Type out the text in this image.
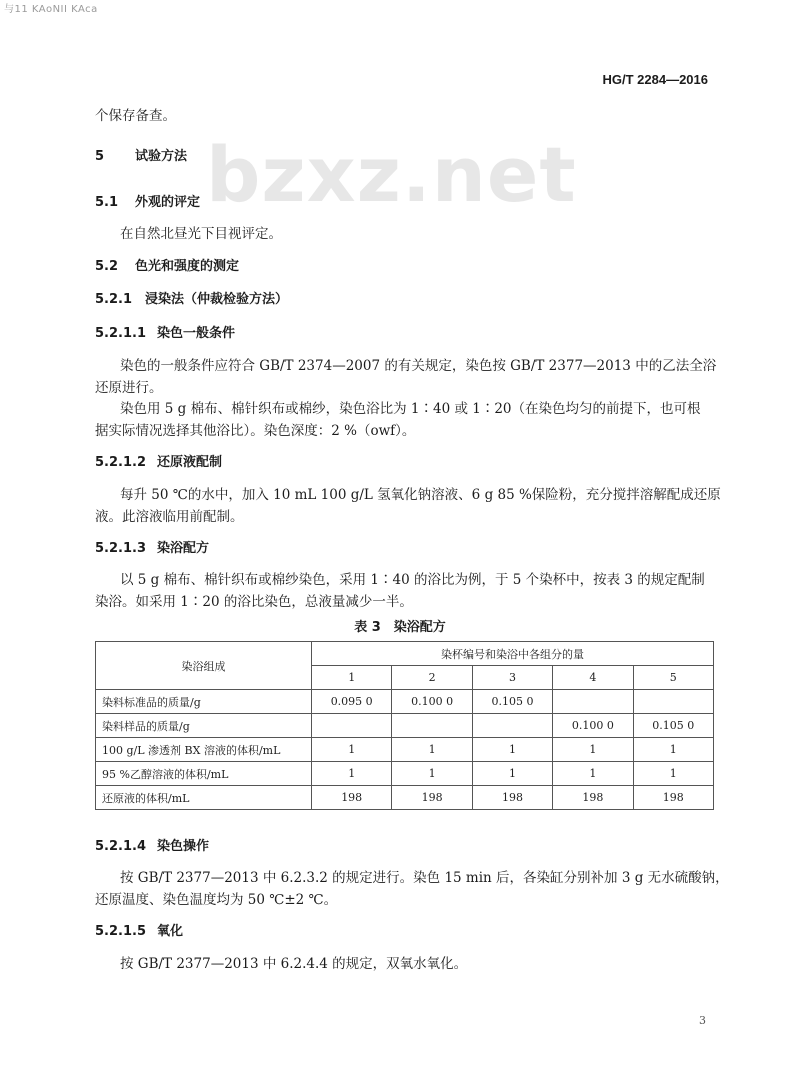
与11 KAoNII KAca
HG/T 2284—2016
bzxz.net
个保存备查。
5 试验方法
5.1 外观的评定
在自然北昼光下目视评定。
5.2 色光和强度的测定
5.2.1 浸染法（仲裁检验方法）
5.2.1.1 染色一般条件
染色的一般条件应符合 GB/T 2374—2007 的有关规定，染色按 GB/T 2377—2013 中的乙法全浴
还原进行。
染色用 5 g 棉布、棉针织布或棉纱，染色浴比为 1∶40 或 1∶20（在染色均匀的前提下，也可根
据实际情况选择其他浴比）。染色深度：2 %（owf）。
5.2.1.2 还原液配制
每升 50 ℃的水中，加入 10 mL 100 g/L 氢氧化钠溶液、6 g 85 %保险粉，充分搅拌溶解配成还原
液。此溶液临用前配制。
5.2.1.3 染浴配方
以 5 g 棉布、棉针织布或棉纱染色，采用 1∶40 的浴比为例，于 5 个染杯中，按表 3 的规定配制
染浴。如采用 1∶20 的浴比染色，总液量减少一半。
表 3　染浴配方
染浴组成	染杯编号和染浴中各组分的量				
	1	2	3	4	5
染料标准品的质量/g	0.095 0	0.100 0	0.105 0		
染料样品的质量/g				0.100 0	0.105 0
100 g/L 渗透剂 BX 溶液的体积/mL	1	1	1	1	1
95 %乙醇溶液的体积/mL	1	1	1	1	1
还原液的体积/mL	198	198	198	198	198
5.2.1.4 染色操作
按 GB/T 2377—2013 中 6.2.3.2 的规定进行。染色 15 min 后，各染缸分别补加 3 g 无水硫酸钠，
还原温度、染色温度均为 50 ℃±2 ℃。
5.2.1.5 氧化
按 GB/T 2377—2013 中 6.2.4.4 的规定，双氧水氧化。
3
